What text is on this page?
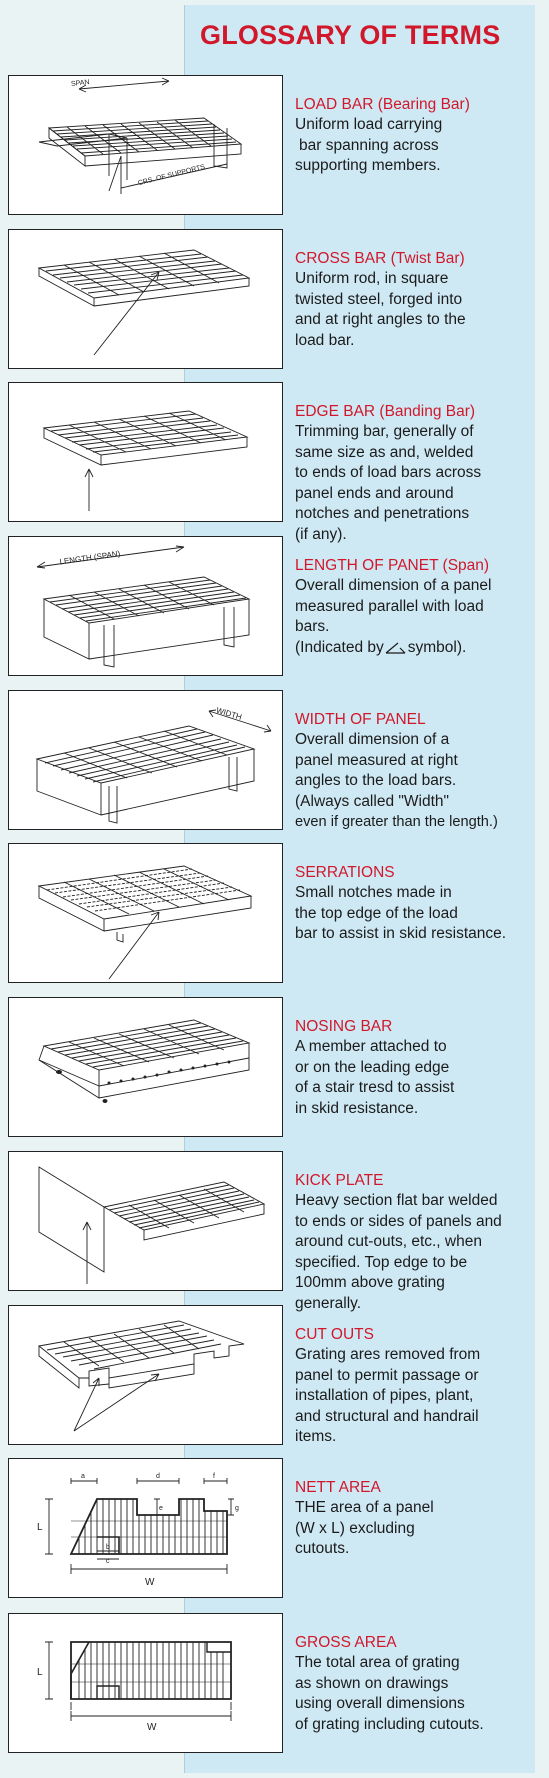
GLOSSARY OF TERMS
SPAN
CRS. OF SUPPORTS
LOAD BAR (Bearing Bar)

Uniform load carrying
bar spanning across
supporting members.

CROSS BAR (Twist Bar)

Uniform rod, in square
twisted steel, forged into
and at right angles to the
load bar.

EDGE BAR (Banding Bar)

Trimming bar, generally of
same size as and, welded
to ends of load bars across
panel ends and around
notches and penetrations
(if any).

LENGTH (SPAN)	LENGTH OF PANET (Span)

Overall dimension of a panel
measured parallel with load
bars.
(Indicated by symbol).

WIDTH	WIDTH OF PANEL

Overall dimension of a
panel measured at right
angles to the load bars.
(Always called "Width"
even if greater than the length.)

SERRATIONS

Small notches made in
the top edge of the load
bar to assist in skid resistance.

NOSING BAR

A member attached to
or on the leading edge
of a stair tresd to assist
in skid resistance.

KICK PLATE

Heavy section flat bar welded
to ends or sides of panels and
around cut-outs, etc., when
specified. Top edge to be
100mm above grating
generally.

CUT OUTS

Grating ares removed from
panel to permit passage or
installation of pipes, plant,
and structural and handrail
items.

L
W
a	d	f
c
b
e	g
NETT AREA

THE area of a panel
(W x L) excluding
cutouts.

L
W
GROSS AREA

The total area of grating
as shown on drawings
using overall dimensions
of grating including cutouts.
